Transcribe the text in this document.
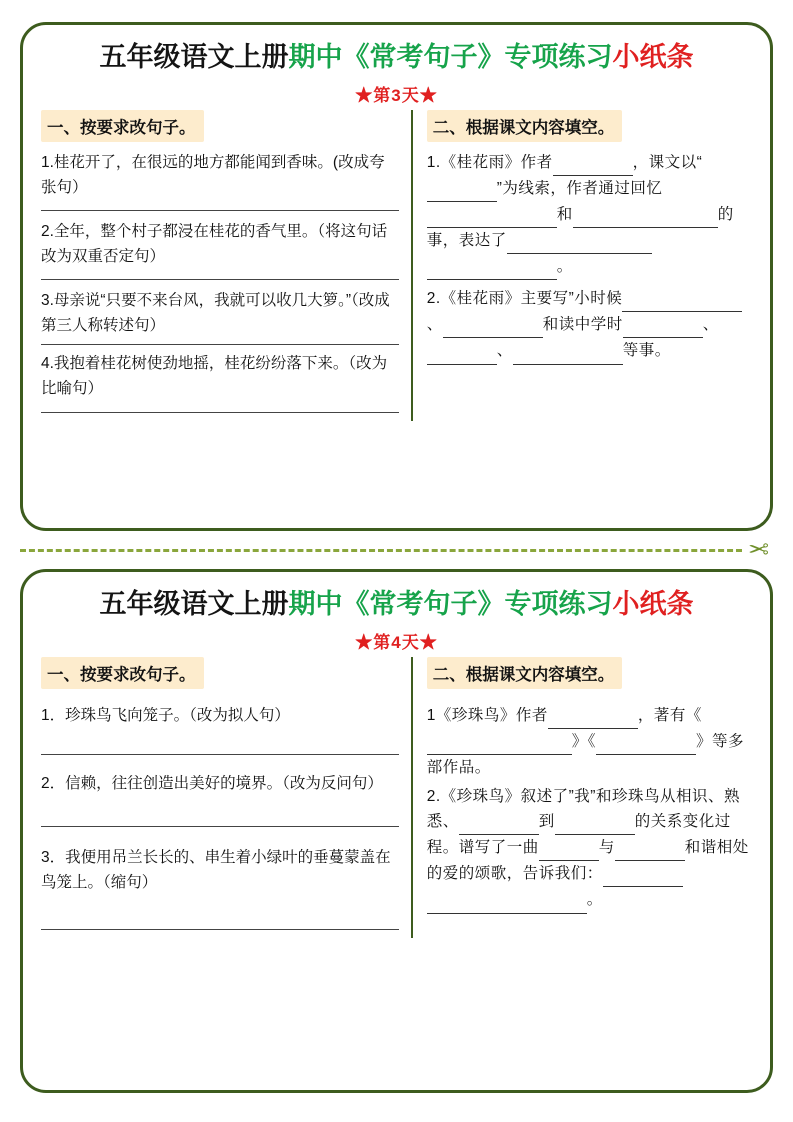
五年级语文上册期中《常考句子》专项练习小纸条
★第3天★
一、按要求改句子。
1.桂花开了，在很远的地方都能闻到香味。(改成夸张句）
2.全年，整个村子都浸在桂花的香气里。（将这句话改为双重否定句）
3.母亲说“只要不来台风，我就可以收几大箩。”（改成第三人称转述句）
4.我抱着桂花树使劲地摇，桂花纷纷落下来。（改为比喻句）
二、根据课文内容填空。
1.《桂花雨》作者	，课文以“ ”为线索，作者通过回忆 和	的事，表达了  。
2.《桂花雨》主要写”小时候 、	和读中学时	、 、	等事。
✂
五年级语文上册期中《常考句子》专项练习小纸条
★第4天★
一、按要求改句子。
1．珍珠鸟飞向笼子。（改为拟人句）
2．信赖，往往创造出美好的境界。（改为反问句）
3．我便用吊兰长长的、串生着小绿叶的垂蔓蒙盖在鸟笼上。（缩句）
二、根据课文内容填空。
1《珍珠鸟》作者	，著有《 》《	》等多部作品。
2.《珍珠鸟》叙述了”我”和珍珠鸟从相识、熟悉、	到	的关系变化过程。谱写了一曲	与	和谐相处的爱的颂歌，告诉我们：  。
